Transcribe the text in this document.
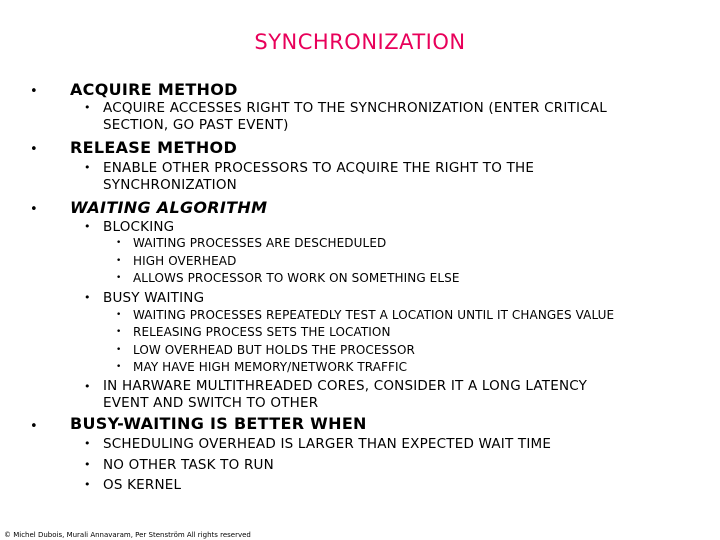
SYNCHRONIZATION
• ACQUIRE METHOD
• ACQUIRE ACCESSES RIGHT TO THE SYNCHRONIZATION (ENTER CRITICAL
SECTION, GO PAST EVENT)
• RELEASE METHOD
• ENABLE OTHER PROCESSORS TO ACQUIRE THE RIGHT TO THE
SYNCHRONIZATION
• WAITING ALGORITHM
• BLOCKING
• WAITING PROCESSES ARE DESCHEDULED
• HIGH OVERHEAD
• ALLOWS PROCESSOR TO WORK ON SOMETHING ELSE
• BUSY WAITING
• WAITING PROCESSES REPEATEDLY TEST A LOCATION UNTIL IT CHANGES VALUE
• RELEASING PROCESS SETS THE LOCATION
• LOW OVERHEAD BUT HOLDS THE PROCESSOR
• MAY HAVE HIGH MEMORY/NETWORK TRAFFIC
• IN HARWARE MULTITHREADED CORES, CONSIDER IT A LONG LATENCY
EVENT AND SWITCH TO OTHER
• BUSY-WAITING IS BETTER WHEN
• SCHEDULING OVERHEAD IS LARGER THAN EXPECTED WAIT TIME
• NO OTHER TASK TO RUN
• OS KERNEL
© Michel Dubois, Murali Annavaram, Per Stenström All rights reserved
